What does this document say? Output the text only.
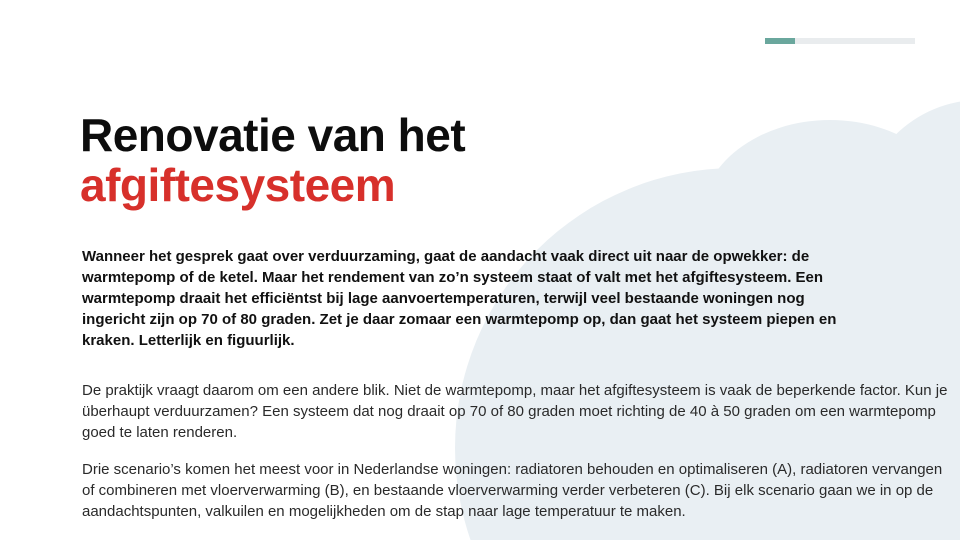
Renovatie van het
afgiftesysteem

Wanneer het gesprek gaat over verduurzaming, gaat de aandacht vaak direct uit naar de opwekker: de
warmtepomp of de ketel. Maar het rendement van zo’n systeem staat of valt met het afgiftesysteem. Een
warmtepomp draait het efficiëntst bij lage aanvoertemperaturen, terwijl veel bestaande woningen nog
ingericht zijn op 70 of 80 graden. Zet je daar zomaar een warmtepomp op, dan gaat het systeem piepen en
kraken. Letterlijk en figuurlijk.

De praktijk vraagt daarom om een andere blik. Niet de warmtepomp, maar het afgiftesysteem is vaak de beperkende factor. Kun je überhaupt verduurzamen? Een systeem dat nog draait op 70 of 80 graden moet richting de 40 à 50 graden om een warmtepomp goed te laten renderen.

Drie scenario’s komen het meest voor in Nederlandse woningen: radiatoren behouden en optimaliseren (A), radiatoren vervangen of combineren met vloerverwarming (B), en bestaande vloerverwarming verder verbeteren (C). Bij elk scenario gaan we in op de aandachtspunten, valkuilen en mogelijkheden om de stap naar lage temperatuur te maken.
